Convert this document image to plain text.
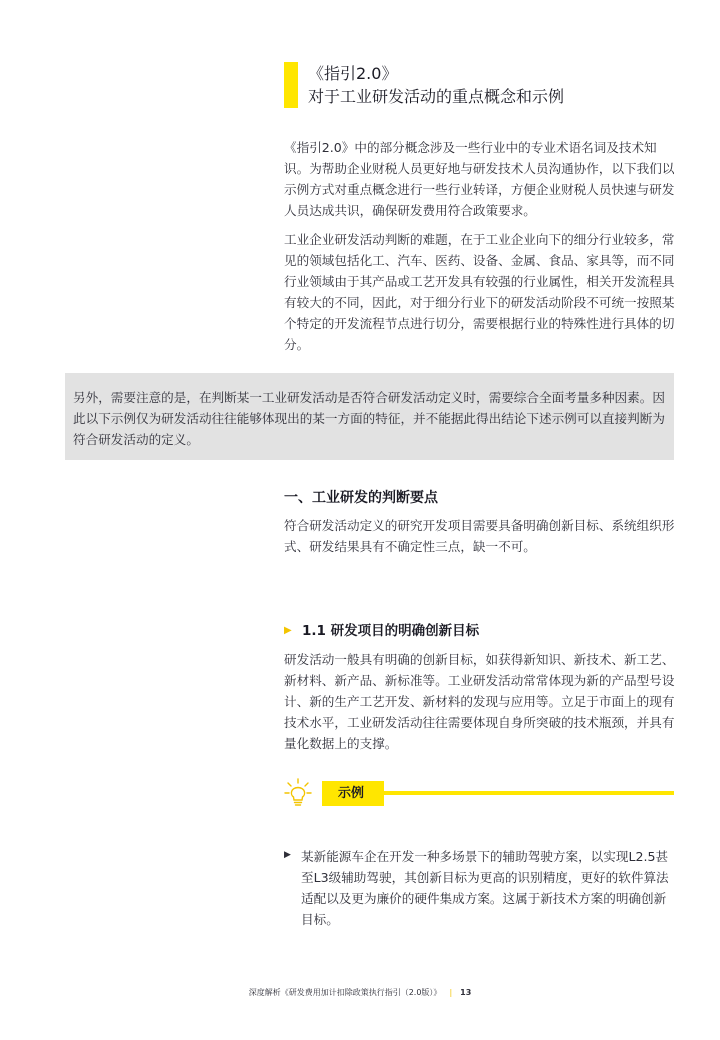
《指引2.0》
对于工业研发活动的重点概念和示例

《指引2.0》中的部分概念涉及一些行业中的专业术语名词及技术知识。为帮助企业财税人员更好地与研发技术人员沟通协作，以下我们以示例方式对重点概念进行一些行业转译，方便企业财税人员快速与研发人员达成共识，确保研发费用符合政策要求。

工业企业研发活动判断的难题，在于工业企业向下的细分行业较多，常见的领域包括化工、汽车、医药、设备、金属、食品、家具等，而不同行业领域由于其产品或工艺开发具有较强的行业属性，相关开发流程具有较大的不同，因此，对于细分行业下的研发活动阶段不可统一按照某个特定的开发流程节点进行切分，需要根据行业的特殊性进行具体的切分。

另外，需要注意的是，在判断某一工业研发活动是否符合研发活动定义时，需要综合全面考量多种因素。因此以下示例仅为研发活动往往能够体现出的某一方面的特征，并不能据此得出结论下述示例可以直接判断为符合研发活动的定义。

一、工业研发的判断要点

符合研发活动定义的研究开发项目需要具备明确创新目标、系统组织形式、研发结果具有不确定性三点，缺一不可。

▶ 1.1 研发项目的明确创新目标

研发活动一般具有明确的创新目标，如获得新知识、新技术、新工艺、新材料、新产品、新标准等。工业研发活动常常体现为新的产品型号设计、新的生产工艺开发、新材料的发现与应用等。立足于市面上的现有技术水平，工业研发活动往往需要体现自身所突破的技术瓶颈，并具有量化数据上的支撑。

示例
▶ 某新能源车企在开发一种多场景下的辅助驾驶方案，以实现L2.5甚至L3级辅助驾驶，其创新目标为更高的识别精度，更好的软件算法适配以及更为廉价的硬件集成方案。这属于新技术方案的明确创新目标。

深度解析《研发费用加计扣除政策执行指引（2.0版）》 | 13
